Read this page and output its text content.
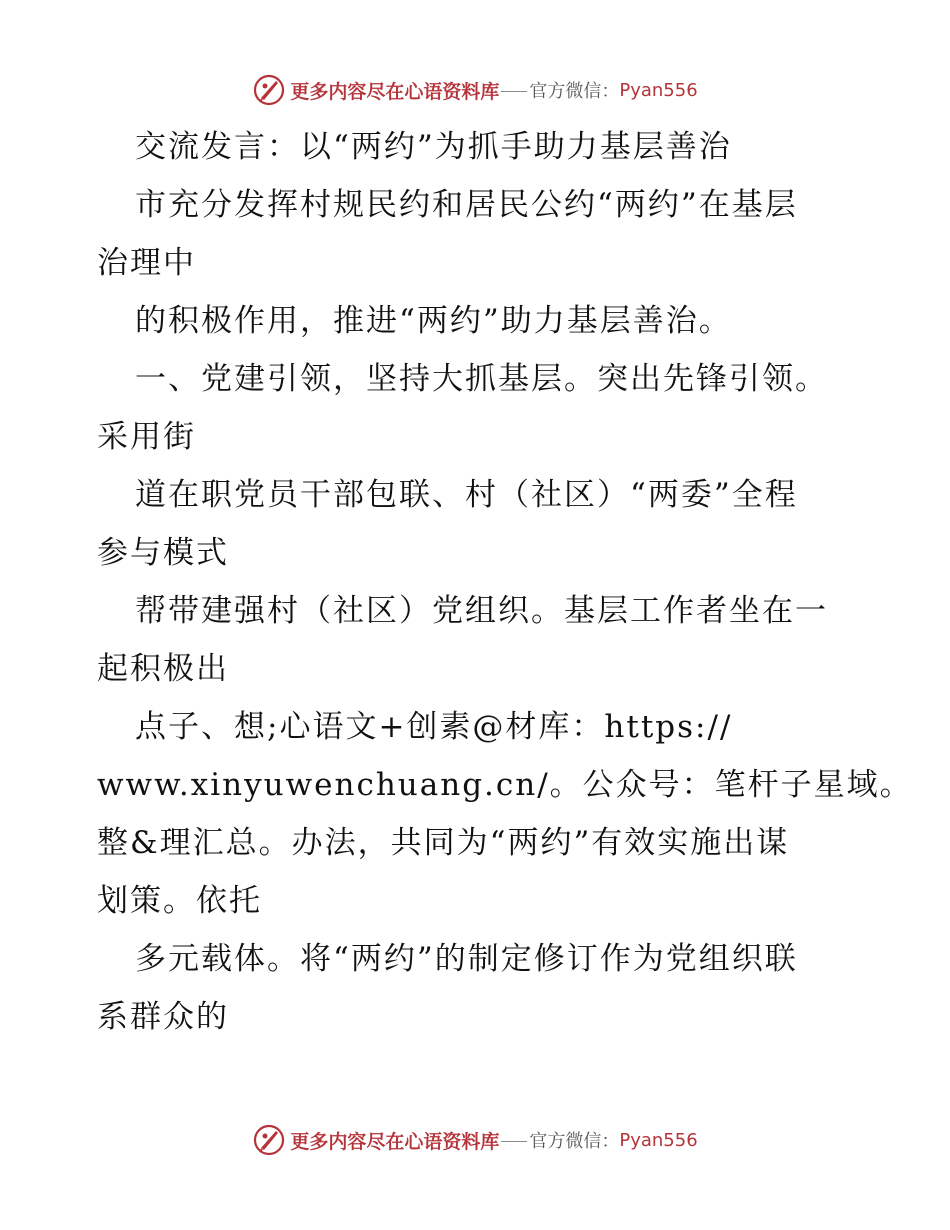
更多内容尽在心语资料库 官方微信： Pyan556
交流发言：以“两约”为抓手助力基层善治
市充分发挥村规民约和居民公约“两约”在基层
治理中
的积极作用，推进“两约”助力基层善治。
一、党建引领，坚持大抓基层。突出先锋引领。
采用街
道在职党员干部包联、村（社区）“两委”全程
参与模式
帮带建强村（社区）党组织。基层工作者坐在一
起积极出
点子、想;心语文+创素@材库：https://
www.xinyuwenchuang.cn/。公众号：笔杆子星域。
整&理汇总。办法，共同为“两约”有效实施出谋
划策。依托
多元载体。将“两约”的制定修订作为党组织联
系群众的
更多内容尽在心语资料库 官方微信： Pyan556
